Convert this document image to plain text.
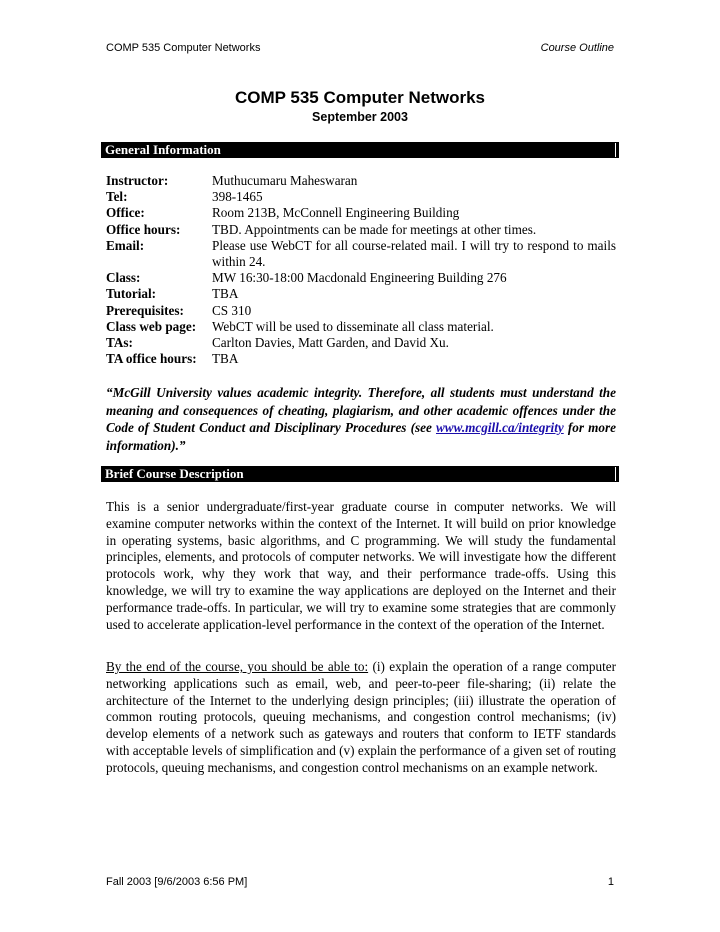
COMP 535 Computer Networks	Course Outline
COMP 535 Computer Networks
September 2003
General Information
Instructor:	Muthucumaru Maheswaran
Tel:	398-1465
Office:	Room 213B, McConnell Engineering Building
Office hours:	TBD. Appointments can be made for meetings at other times.
Email:	Please use WebCT for all course-related mail. I will try to respond to mails within 24.
Class:	MW 16:30-18:00 Macdonald Engineering Building 276
Tutorial:	TBA
Prerequisites:	CS 310
Class web page:	WebCT will be used to disseminate all class material.
TAs:	Carlton Davies, Matt Garden, and David Xu.
TA office hours:	TBA

“McGill University values academic integrity. Therefore, all students must understand the meaning and consequences of cheating, plagiarism, and other academic offences under the Code of Student Conduct and Disciplinary Procedures (see www.mcgill.ca/integrity for more information).”

Brief Course Description

This is a senior undergraduate/first-year graduate course in computer networks. We will examine computer networks within the context of the Internet. It will build on prior knowledge in operating systems, basic algorithms, and C programming. We will study the fundamental principles, elements, and protocols of computer networks. We will investigate how the different protocols work, why they work that way, and their performance trade-offs. Using this knowledge, we will try to examine the way applications are deployed on the Internet and their performance trade-offs. In particular, we will try to examine some strategies that are commonly used to accelerate application-level performance in the context of the operation of the Internet.

By the end of the course, you should be able to: (i) explain the operation of a range computer networking applications such as email, web, and peer-to-peer file-sharing; (ii) relate the architecture of the Internet to the underlying design principles; (iii) illustrate the operation of common routing protocols, queuing mechanisms, and congestion control mechanisms; (iv) develop elements of a network such as gateways and routers that conform to IETF standards with acceptable levels of simplification and (v) explain the performance of a given set of routing protocols, queuing mechanisms, and congestion control mechanisms on an example network.

Fall 2003 [9/6/2003 6:56 PM]	1
